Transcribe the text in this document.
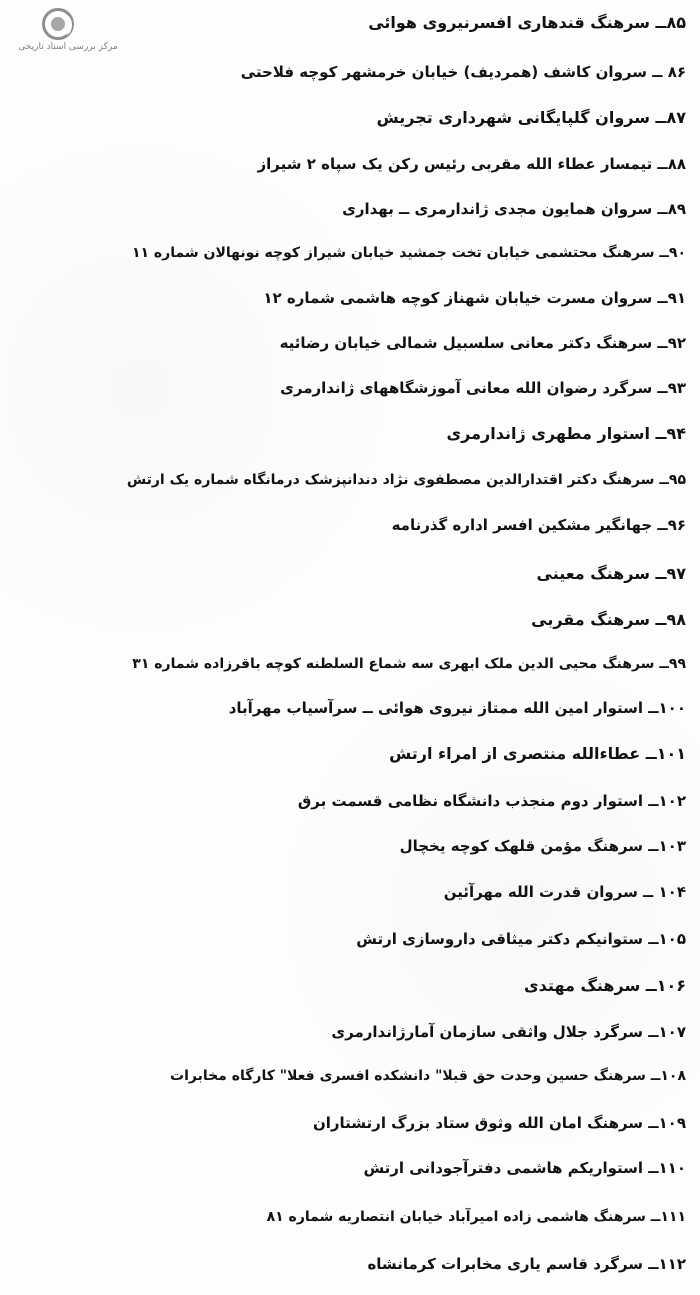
مرکز بررسی اسناد تاریخی
۸۵ــ سرهنگ قندهاری افسرنیروی هوائی
۸۶ ــ سروان کاشف (همردیف) خیابان خرمشهر کوچه فلاحتی
۸۷ــ سروان گلپایگانی شهرداری تجریش
۸۸ــ تیمسار عطاء الله مقربی رئیس رکن یک سپاه ۲ شیراز
۸۹ــ سروان همایون مجدی ژاندارمری ــ بهداری
۹۰ــ سرهنگ محتشمی خیابان تخت جمشید خیابان شیراز کوچه نونهالان شماره ۱۱
۹۱ــ سروان مسرت خیابان شهناز کوچه هاشمی شماره ۱۲
۹۲ــ سرهنگ دکتر معانی سلسبیل شمالی خیابان رضائیه
۹۳ــ سرگرد رضوان الله معانی آموزشگاههای ژاندارمری
۹۴ــ استوار مطهری ژاندارمری
۹۵ــ سرهنگ دکتر اقتدارالدین مصطفوی نژاد دندانپزشک درمانگاه شماره یک ارتش
۹۶ــ جهانگیر مشکین افسر اداره گذرنامه
۹۷ــ سرهنگ معینی
۹۸ــ سرهنگ مقربی
۹۹ــ سرهنگ محیی الدین ملک ابهری سه شماع السلطنه کوچه باقرزاده شماره ۳۱
۱۰۰ــ استوار امین الله ممتاز نیروی هوائی ــ سرآسیاب مهرآباد
۱۰۱ــ عطاءالله منتصری از امراء ارتش
۱۰۲ــ استوار دوم منجذب دانشگاه نظامی قسمت برق
۱۰۳ــ سرهنگ مؤمن قلهک کوچه یخچال
۱۰۴ ــ سروان قدرت الله مهرآئین
۱۰۵ــ ستوانیکم دکتر میثاقی داروسازی ارتش
۱۰۶ــ سرهنگ مهتدی
۱۰۷ــ سرگرد جلال واثقی سازمان آمارژاندارمری
۱۰۸ــ سرهنگ حسین وحدت حق قبلا" دانشکده افسری فعلا" کارگاه مخابرات
۱۰۹ــ سرهنگ امان الله وثوق ستاد بزرگ ارتشتاران
۱۱۰ــ استواریکم هاشمی دفترآجودانی ارتش
۱۱۱ــ سرهنگ هاشمی زاده امیرآباد خیابان انتصاریه شماره ۸۱
۱۱۲ــ سرگرد قاسم یاری مخابرات کرمانشاه
